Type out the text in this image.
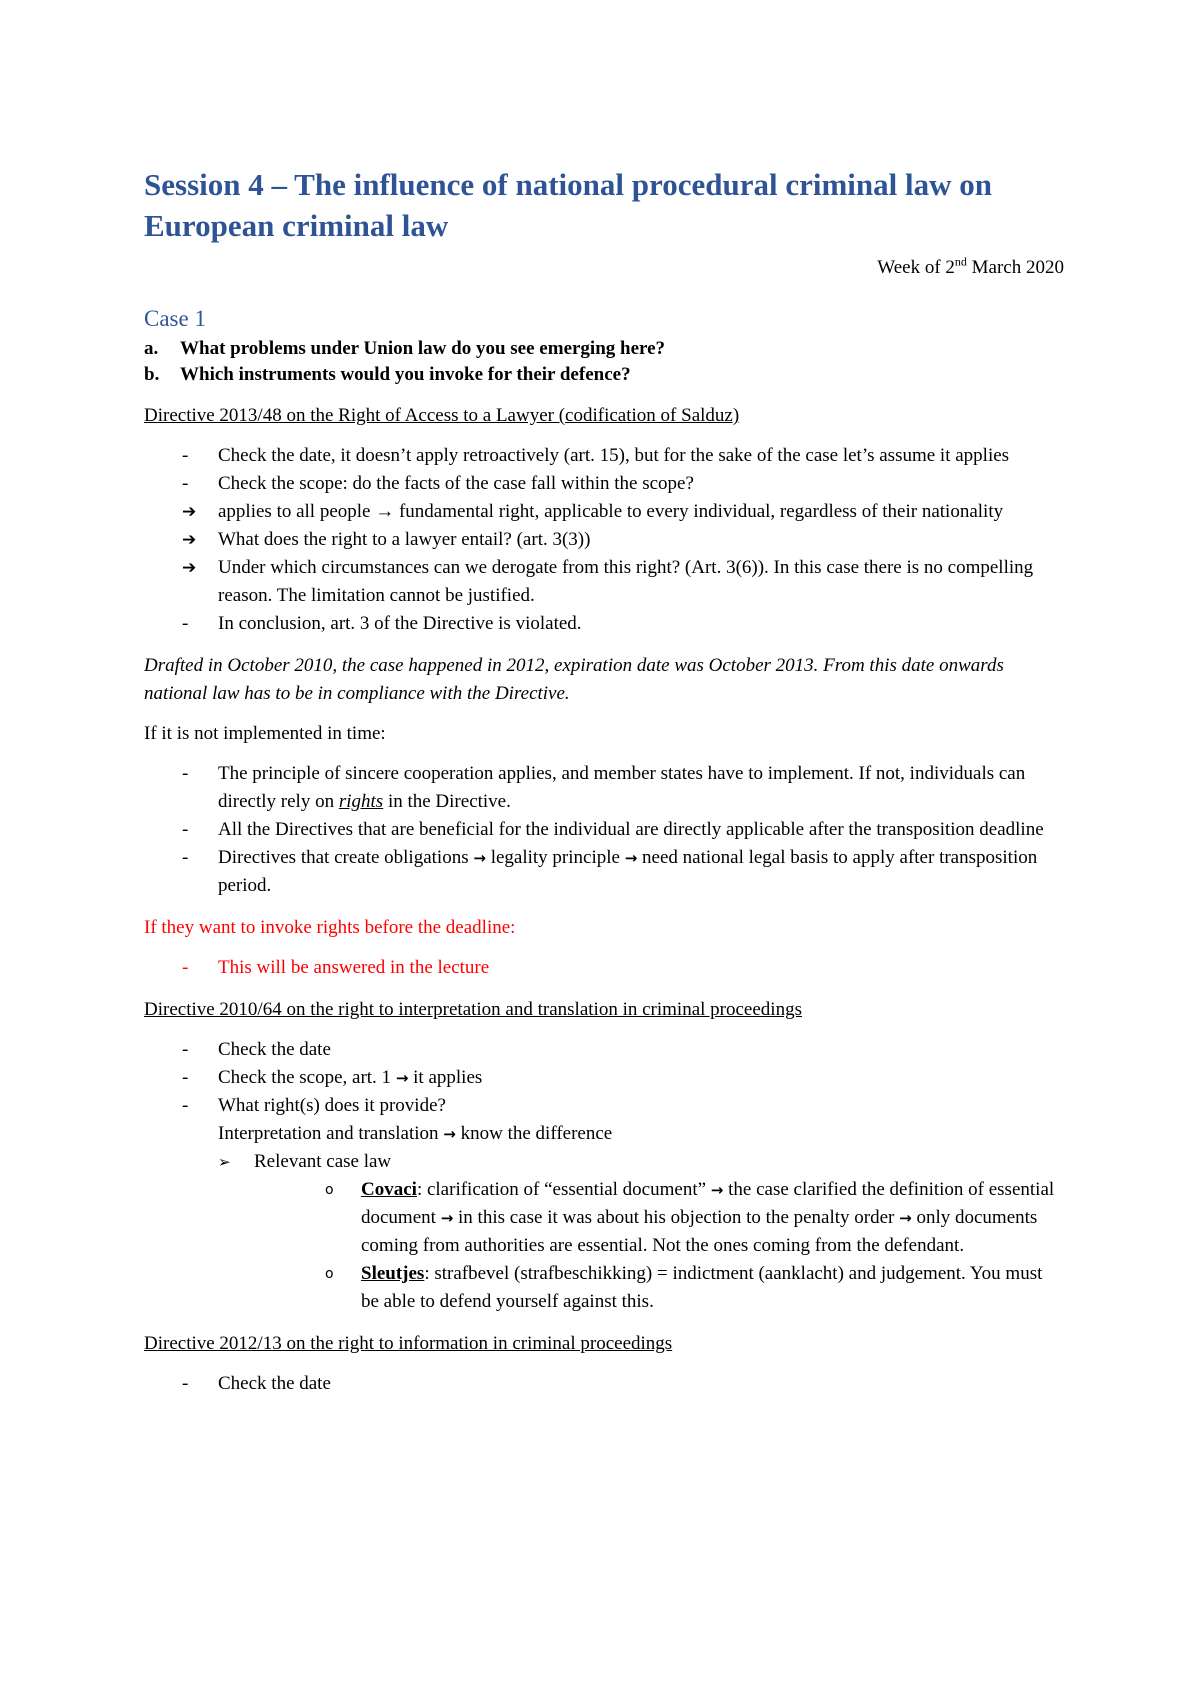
Session 4 – The influence of national procedural criminal law on European criminal law
Week of 2nd March 2020
Case 1
a.	What problems under Union law do you see emerging here?
b.	Which instruments would you invoke for their defence?
Directive 2013/48 on the Right of Access to a Lawyer (codification of Salduz)
-	Check the date, it doesn’t apply retroactively (art. 15), but for the sake of the case let’s assume it applies
-	Check the scope: do the facts of the case fall within the scope?
➔	applies to all people → fundamental right, applicable to every individual, regardless of their nationality
➔	What does the right to a lawyer entail? (art. 3(3))
➔	Under which circumstances can we derogate from this right? (Art. 3(6)). In this case there is no compelling reason. The limitation cannot be justified.
-	In conclusion, art. 3 of the Directive is violated.
Drafted in October 2010, the case happened in 2012, expiration date was October 2013. From this date onwards national law has to be in compliance with the Directive.
If it is not implemented in time:
-	The principle of sincere cooperation applies, and member states have to implement. If not, individuals can directly rely on rights in the Directive.
-	All the Directives that are beneficial for the individual are directly applicable after the transposition deadline
-	Directives that create obligations → legality principle → need national legal basis to apply after transposition period.
If they want to invoke rights before the deadline:
-	This will be answered in the lecture
Directive 2010/64 on the right to interpretation and translation in criminal proceedings
-	Check the date
-	Check the scope, art. 1 → it applies
-	What right(s) does it provide?
Interpretation and translation → know the difference
➢	Relevant case law
o	Covaci: clarification of “essential document” → the case clarified the definition of essential document → in this case it was about his objection to the penalty order → only documents coming from authorities are essential. Not the ones coming from the defendant.
o	Sleutjes: strafbevel (strafbeschikking) = indictment (aanklacht) and judgement. You must be able to defend yourself against this.
Directive 2012/13 on the right to information in criminal proceedings
-	Check the date
